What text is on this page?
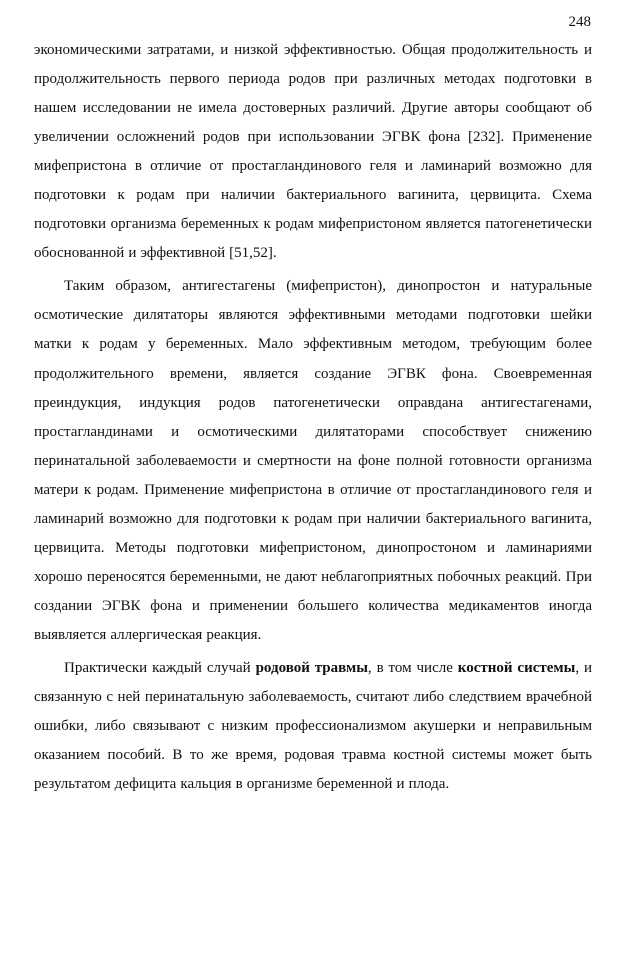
248

экономическими затратами, и низкой эффективностью. Общая продолжительность и продолжительность первого периода родов при различных методах подготовки в нашем исследовании не имела достоверных различий. Другие авторы сообщают об увеличении осложнений родов при использовании ЭГВК фона [232]. Применение мифепристона в отличие от простагландинового геля и ламинарий возможно для подготовки к родам при наличии бактериального вагинита, цервицита. Схема подготовки организма беременных к родам мифепристоном является патогенетически обоснованной и эффективной [51,52].

Таким образом, антигестагены (мифепристон), динопростон и натуральные осмотические дилятаторы являются эффективными методами подготовки шейки матки к родам у беременных. Мало эффективным методом, требующим более продолжительного времени, является создание ЭГВК фона. Своевременная преиндукция, индукция родов патогенетически оправдана антигестагенами, простагландинами и осмотическими дилятаторами способствует снижению перинатальной заболеваемости и смертности на фоне полной готовности организма матери к родам. Применение мифепристона в отличие от простагландинового геля и ламинарий возможно для подготовки к родам при наличии бактериального вагинита, цервицита. Методы подготовки мифепристоном, динопростоном и ламинариями хорошо переносятся беременными, не дают неблагоприятных побочных реакций. При создании ЭГВК фона и применении большего количества медикаментов иногда выявляется аллергическая реакция.

Практически каждый случай родовой травмы, в том числе костной системы, и связанную с ней перинатальную заболеваемость, считают либо следствием врачебной ошибки, либо связывают с низким профессионализмом акушерки и неправильным оказанием пособий. В то же время, родовая травма костной системы может быть результатом дефицита кальция в организме беременной и плода.
